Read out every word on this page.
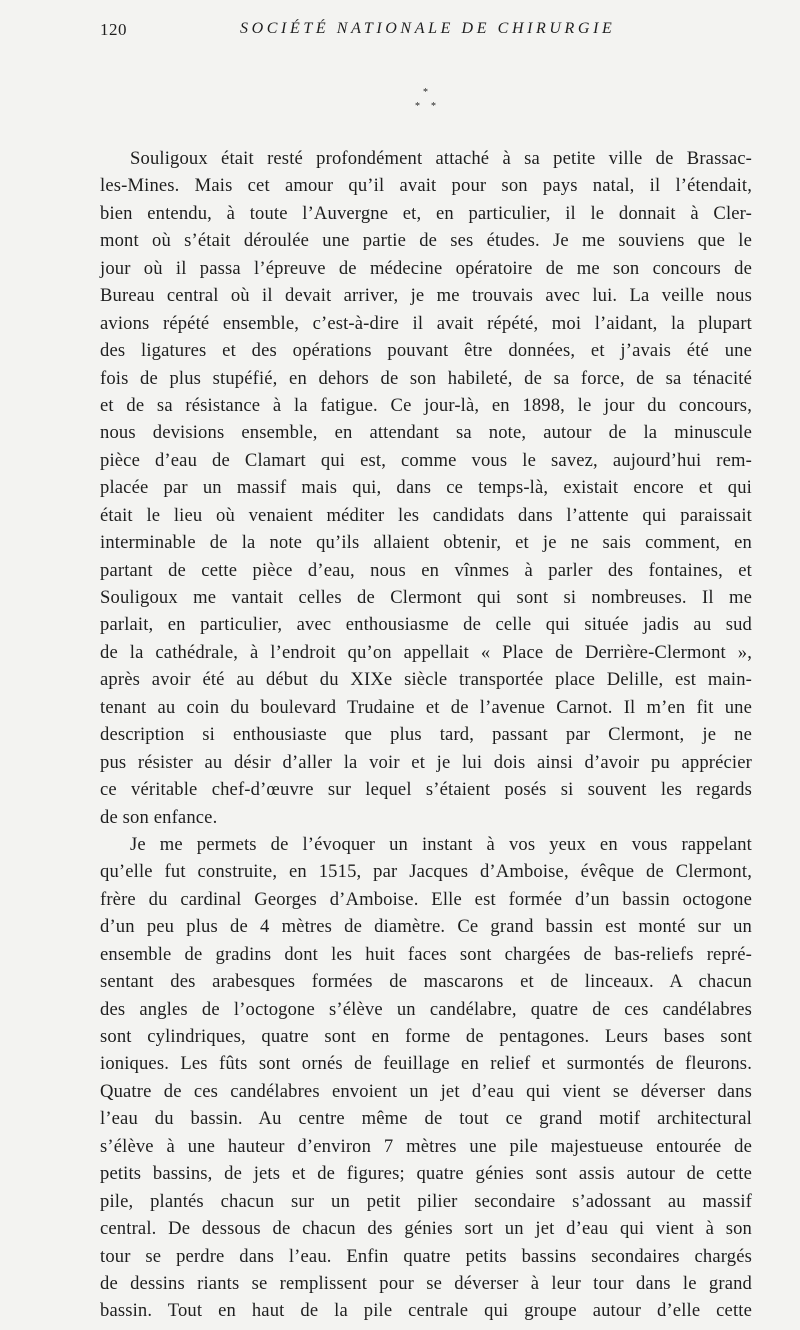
120	SOCIÉTÉ NATIONALE DE CHIRURGIE
*
* *
Souligoux était resté profondément attaché à sa petite ville de Brassac-
les-Mines. Mais cet amour qu’il avait pour son pays natal, il l’étendait,
bien entendu, à toute l’Auvergne et, en particulier, il le donnait à Cler-
mont où s’était déroulée une partie de ses études. Je me souviens que le
jour où il passa l’épreuve de médecine opératoire de me son concours de
Bureau central où il devait arriver, je me trouvais avec lui. La veille nous
avions répété ensemble, c’est-à-dire il avait répété, moi l’aidant, la plupart
des ligatures et des opérations pouvant être données, et j’avais été une
fois de plus stupéfié, en dehors de son habileté, de sa force, de sa ténacité
et de sa résistance à la fatigue. Ce jour-là, en 1898, le jour du concours,
nous devisions ensemble, en attendant sa note, autour de la minuscule
pièce d’eau de Clamart qui est, comme vous le savez, aujourd’hui rem-
placée par un massif mais qui, dans ce temps-là, existait encore et qui
était le lieu où venaient méditer les candidats dans l’attente qui paraissait
interminable de la note qu’ils allaient obtenir, et je ne sais comment, en
partant de cette pièce d’eau, nous en vînmes à parler des fontaines, et
Souligoux me vantait celles de Clermont qui sont si nombreuses. Il me
parlait, en particulier, avec enthousiasme de celle qui située jadis au sud
de la cathédrale, à l’endroit qu’on appellait « Place de Derrière-Clermont »,
après avoir été au début du XIXe siècle transportée place Delille, est main-
tenant au coin du boulevard Trudaine et de l’avenue Carnot. Il m’en fit une
description si enthousiaste que plus tard, passant par Clermont, je ne
pus résister au désir d’aller la voir et je lui dois ainsi d’avoir pu apprécier
ce véritable chef-d’œuvre sur lequel s’étaient posés si souvent les regards
de son enfance.
Je me permets de l’évoquer un instant à vos yeux en vous rappelant
qu’elle fut construite, en 1515, par Jacques d’Amboise, évêque de Clermont,
frère du cardinal Georges d’Amboise. Elle est formée d’un bassin octogone
d’un peu plus de 4 mètres de diamètre. Ce grand bassin est monté sur un
ensemble de gradins dont les huit faces sont chargées de bas-reliefs repré-
sentant des arabesques formées de mascarons et de linceaux. A chacun
des angles de l’octogone s’élève un candélabre, quatre de ces candélabres
sont cylindriques, quatre sont en forme de pentagones. Leurs bases sont
ioniques. Les fûts sont ornés de feuillage en relief et surmontés de fleurons.
Quatre de ces candélabres envoient un jet d’eau qui vient se déverser dans
l’eau du bassin. Au centre même de tout ce grand motif architectural
s’élève à une hauteur d’environ 7 mètres une pile majestueuse entourée de
petits bassins, de jets et de figures; quatre génies sont assis autour de cette
pile, plantés chacun sur un petit pilier secondaire s’adossant au massif
central. De dessous de chacun des génies sort un jet d’eau qui vient à son
tour se perdre dans l’eau. Enfin quatre petits bassins secondaires chargés
de dessins riants se remplissent pour se déverser à leur tour dans le grand
bassin. Tout en haut de la pile centrale qui groupe autour d’elle cette
